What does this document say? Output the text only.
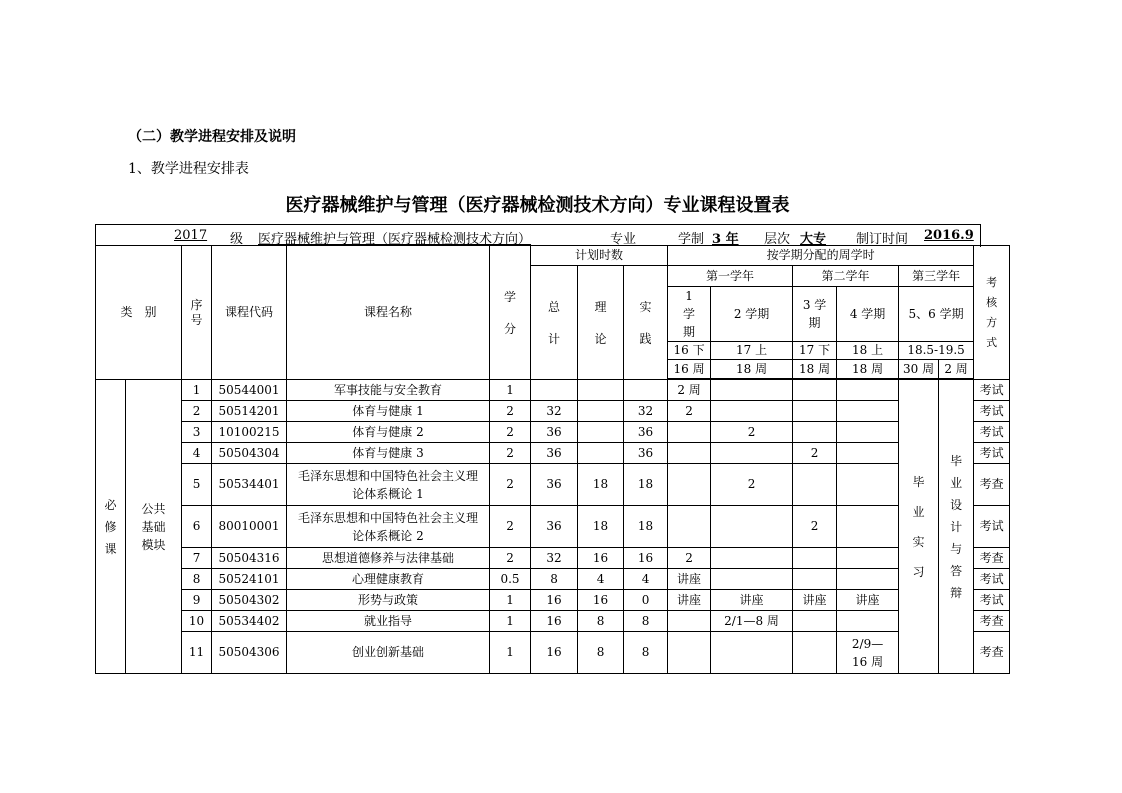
（二）教学进程安排及说明
1、教学进程安排表
医疗器械维护与管理（医疗器械检测技术方向）专业课程设置表
2017 级 医疗器械维护与管理（医疗器械检测技术方向）	专业	学制 3 年 层次 大专 制订时间 2016.9
类　别		序号	课程代码	课程名称	学分	计划时数			按学期分配的周学时						考核方式
						总计	理论	实践	第一学年		第二学年		第三学年		
									1 学期	2 学期	3 学期	4 学期	5、6 学期		
									16 下	17 上	17 下	18 上	18.5-19.5		
									16 周	18 周	18 周	18 周	30 周	2 周	

必修课	公共基础模块	1	50544001	军事技能与安全教育	1				2 周				毕业实习	毕业设计与答辩	考试
		2	50514201	体育与健康 1	2	32		32	2						考试
		3	10100215	体育与健康 2	2	36		36		2					考试
		4	50504304	体育与健康 3	2	36		36			2				考试
		5	50534401	毛泽东思想和中国特色社会主义理论体系概论 1	2	36	18	18		2					考查
		6	80010001	毛泽东思想和中国特色社会主义理论体系概论 2	2	36	18	18			2				考试
		7	50504316	思想道德修养与法律基础	2	32	16	16	2						考查
		8	50524101	心理健康教育	0.5	8	4	4	讲座						考试
		9	50504302	形势与政策	1	16	16	0	讲座	讲座	讲座	讲座			考试
		10	50534402	就业指导	1	16	8	8		2/1—8 周					考查
		11	50504306	创业创新基础	1	16	8	8				2/9—16 周			考查
